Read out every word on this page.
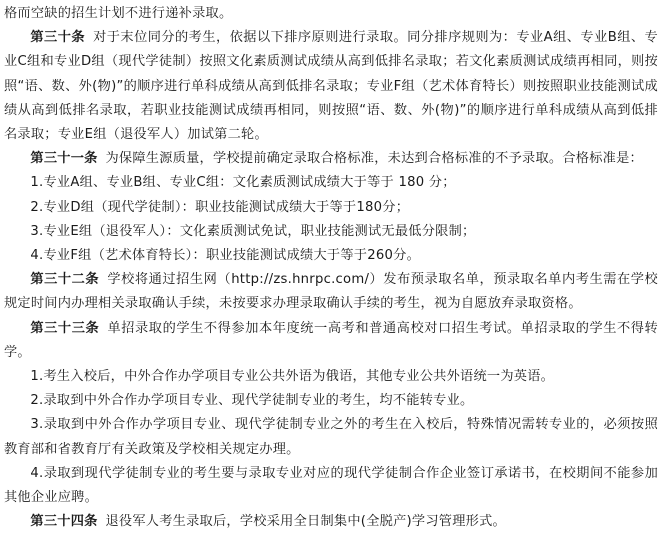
格而空缺的招生计划不进行递补录取。

第三十条 对于末位同分的考生，依据以下排序原则进行录取。同分排序规则为：专业A组、专业B组、专业C组和专业D组（现代学徒制）按照文化素质测试成绩从高到低排名录取；若文化素质测试成绩再相同，则按照“语、数、外(物)”的顺序进行单科成绩从高到低排名录取；专业F组（艺术体育特长）则按照职业技能测试成绩从高到低排名录取，若职业技能测试成绩再相同，则按照“语、数、外(物)”的顺序进行单科成绩从高到低排名录取；专业E组（退役军人）加试第二轮。

第三十一条 为保障生源质量，学校提前确定录取合格标准，未达到合格标准的不予录取。合格标准是：

1.专业A组、专业B组、专业C组：文化素质测试成绩大于等于 180 分；

2.专业D组（现代学徒制）：职业技能测试成绩大于等于180分；

3.专业E组（退役军人）：文化素质测试免试，职业技能测试无最低分限制；

4.专业F组（艺术体育特长）：职业技能测试成绩大于等于260分。

第三十二条 学校将通过招生网（http://zs.hnrpc.com/）发布预录取名单，预录取名单内考生需在学校规定时间内办理相关录取确认手续，未按要求办理录取确认手续的考生，视为自愿放弃录取资格。

第三十三条 单招录取的学生不得参加本年度统一高考和普通高校对口招生考试。单招录取的学生不得转学。

1.考生入校后，中外合作办学项目专业公共外语为俄语，其他专业公共外语统一为英语。

2.录取到中外合作办学项目专业、现代学徒制专业的考生，均不能转专业。

3.录取到中外合作办学项目专业、现代学徒制专业之外的考生在入校后，特殊情况需转专业的，必须按照教育部和省教育厅有关政策及学校相关规定办理。

4.录取到现代学徒制专业的考生要与录取专业对应的现代学徒制合作企业签订承诺书，在校期间不能参加其他企业应聘。

第三十四条 退役军人考生录取后，学校采用全日制集中(全脱产)学习管理形式。
